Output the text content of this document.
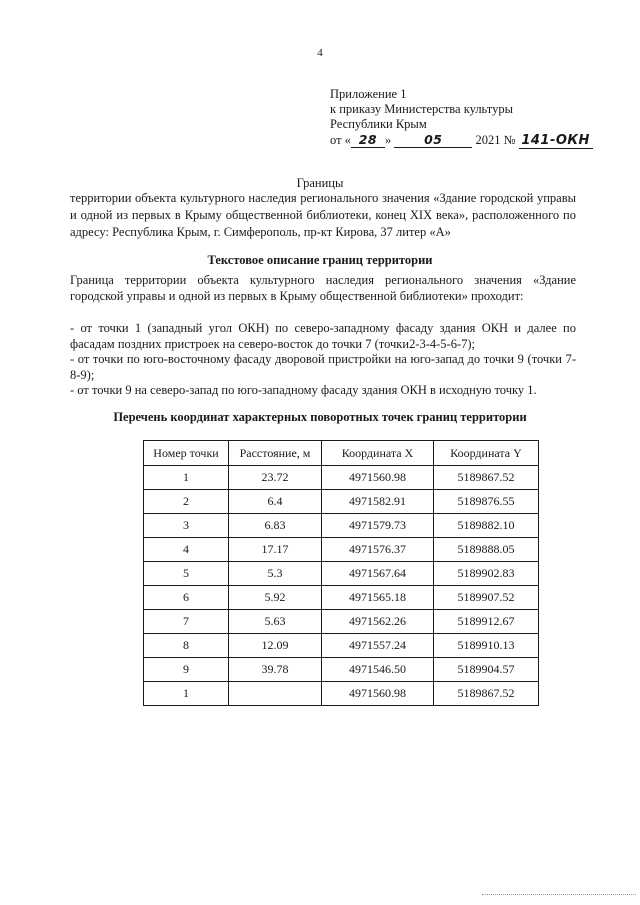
4
Приложение 1
к приказу Министерства культуры
Республики Крым
от « 28 »	05	2021 № 141-ОКН
Границы
территории объекта культурного наследия регионального значения «Здание городской управы и одной из первых в Крыму общественной библиотеки, конец XIX века», расположенного по адресу: Республика Крым, г. Симферополь, пр-кт Кирова, 37 литер «А»
Текстовое описание границ территории
Граница территории объекта культурного наследия регионального значения «Здание городской управы и одной из первых в Крыму общественной библиотеки» проходит:
- от точки 1 (западный угол ОКН) по северо-западному фасаду здания ОКН и далее по фасадам поздних пристроек на северо-восток до точки 7 (точки2-3-4-5-6-7);
- от точки по юго-восточному фасаду дворовой пристройки на юго-запад до точки 9 (точки 7-8-9);
- от точки 9 на северо-запад по юго-западному фасаду здания ОКН в исходную точку 1.
Перечень координат характерных поворотных точек границ территории
Номер точки	Расстояние, м	Координата X	Координата Y
1	23.72	4971560.98	5189867.52
2	6.4	4971582.91	5189876.55
3	6.83	4971579.73	5189882.10
4	17.17	4971576.37	5189888.05
5	5.3	4971567.64	5189902.83
6	5.92	4971565.18	5189907.52
7	5.63	4971562.26	5189912.67
8	12.09	4971557.24	5189910.13
9	39.78	4971546.50	5189904.57
1		4971560.98	5189867.52
